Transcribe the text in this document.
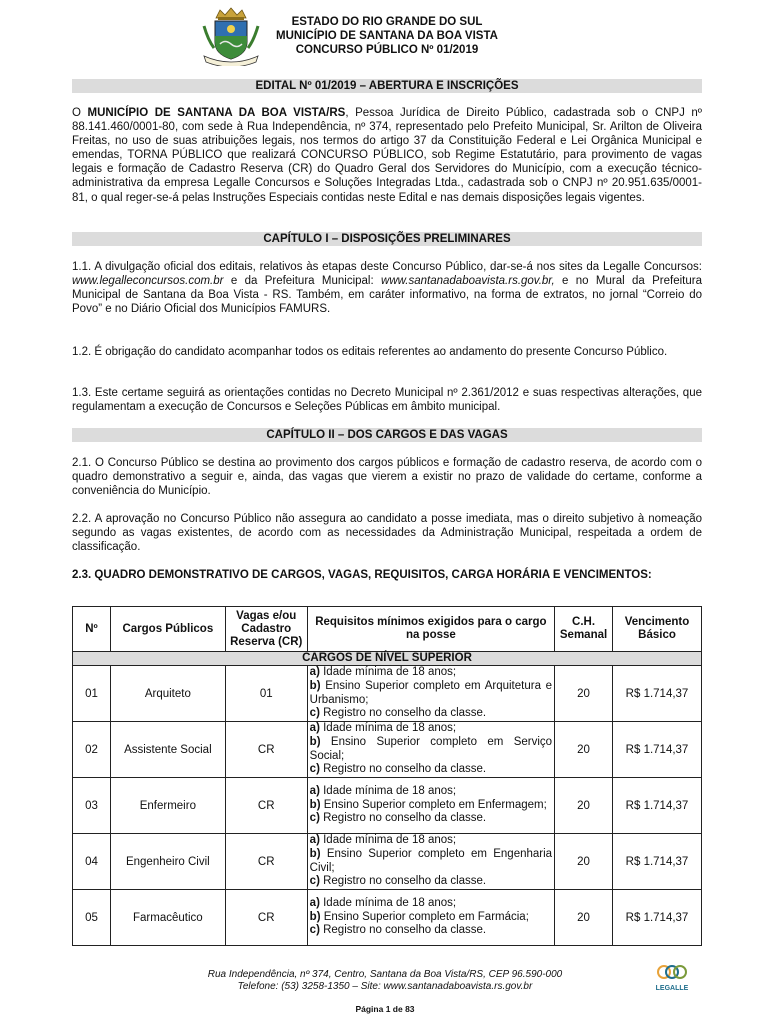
ESTADO DO RIO GRANDE DO SUL
MUNICÍPIO DE SANTANA DA BOA VISTA
CONCURSO PÚBLICO Nº 01/2019
EDITAL Nº 01/2019 – ABERTURA E INSCRIÇÕES

O MUNICÍPIO DE SANTANA DA BOA VISTA/RS, Pessoa Jurídica de Direito Público, cadastrada sob o CNPJ nº 88.141.460/0001-80, com sede à Rua Independência, nº 374, representado pelo Prefeito Municipal, Sr. Arilton de Oliveira Freitas, no uso de suas atribuições legais, nos termos do artigo 37 da Constituição Federal e Lei Orgânica Municipal e emendas, TORNA PÚBLICO que realizará CONCURSO PÚBLICO, sob Regime Estatutário, para provimento de vagas legais e formação de Cadastro Reserva (CR) do Quadro Geral dos Servidores do Município, com a execução técnico-administrativa da empresa Legalle Concursos e Soluções Integradas Ltda., cadastrada sob o CNPJ nº 20.951.635/0001-81, o qual reger-se-á pelas Instruções Especiais contidas neste Edital e nas demais disposições legais vigentes.

CAPÍTULO I – DISPOSIÇÕES PRELIMINARES

1.1. A divulgação oficial dos editais, relativos às etapas deste Concurso Público, dar-se-á nos sites da Legalle Concursos: www.legalleconcursos.com.br e da Prefeitura Municipal: www.santanadaboavista.rs.gov.br, e no Mural da Prefeitura Municipal de Santana da Boa Vista - RS. Também, em caráter informativo, na forma de extratos, no jornal “Correio do Povo” e no Diário Oficial dos Municípios FAMURS.

1.2. É obrigação do candidato acompanhar todos os editais referentes ao andamento do presente Concurso Público.

1.3. Este certame seguirá as orientações contidas no Decreto Municipal nº 2.361/2012 e suas respectivas alterações, que regulamentam a execução de Concursos e Seleções Públicas em âmbito municipal.

CAPÍTULO II – DOS CARGOS E DAS VAGAS

2.1. O Concurso Público se destina ao provimento dos cargos públicos e formação de cadastro reserva, de acordo com o quadro demonstrativo a seguir e, ainda, das vagas que vierem a existir no prazo de validade do certame, conforme a conveniência do Município.

2.2. A aprovação no Concurso Público não assegura ao candidato a posse imediata, mas o direito subjetivo à nomeação segundo as vagas existentes, de acordo com as necessidades da Administração Municipal, respeitada a ordem de classificação.

2.3. QUADRO DEMONSTRATIVO DE CARGOS, VAGAS, REQUISITOS, CARGA HORÁRIA E VENCIMENTOS:
Nº	Cargos Públicos	Vagas e/ou Cadastro Reserva (CR)	Requisitos mínimos exigidos para o cargo na posse	C.H. Semanal	Vencimento Básico
CARGOS DE NÍVEL SUPERIOR					
01	Arquiteto	01	a) Idade mínima de 18 anos;
b) Ensino Superior completo em Arquitetura e Urbanismo;
c) Registro no conselho da classe.	20	R$ 1.714,37
02	Assistente Social	CR	a) Idade mínima de 18 anos;
b) Ensino Superior completo em Serviço Social;
c) Registro no conselho da classe.	20	R$ 1.714,37
03	Enfermeiro	CR	a) Idade mínima de 18 anos;
b) Ensino Superior completo em Enfermagem;
c) Registro no conselho da classe.	20	R$ 1.714,37
04	Engenheiro Civil	CR	a) Idade mínima de 18 anos;
b) Ensino Superior completo em Engenharia Civil;
c) Registro no conselho da classe.	20	R$ 1.714,37
05	Farmacêutico	CR	a) Idade mínima de 18 anos;
b) Ensino Superior completo em Farmácia;
c) Registro no conselho da classe.	20	R$ 1.714,37
Rua Independência, nº 374, Centro, Santana da Boa Vista/RS, CEP 96.590-000
Telefone: (53) 3258-1350 – Site: www.santanadaboavista.rs.gov.br
Página 1 de 83
LEGALLE
